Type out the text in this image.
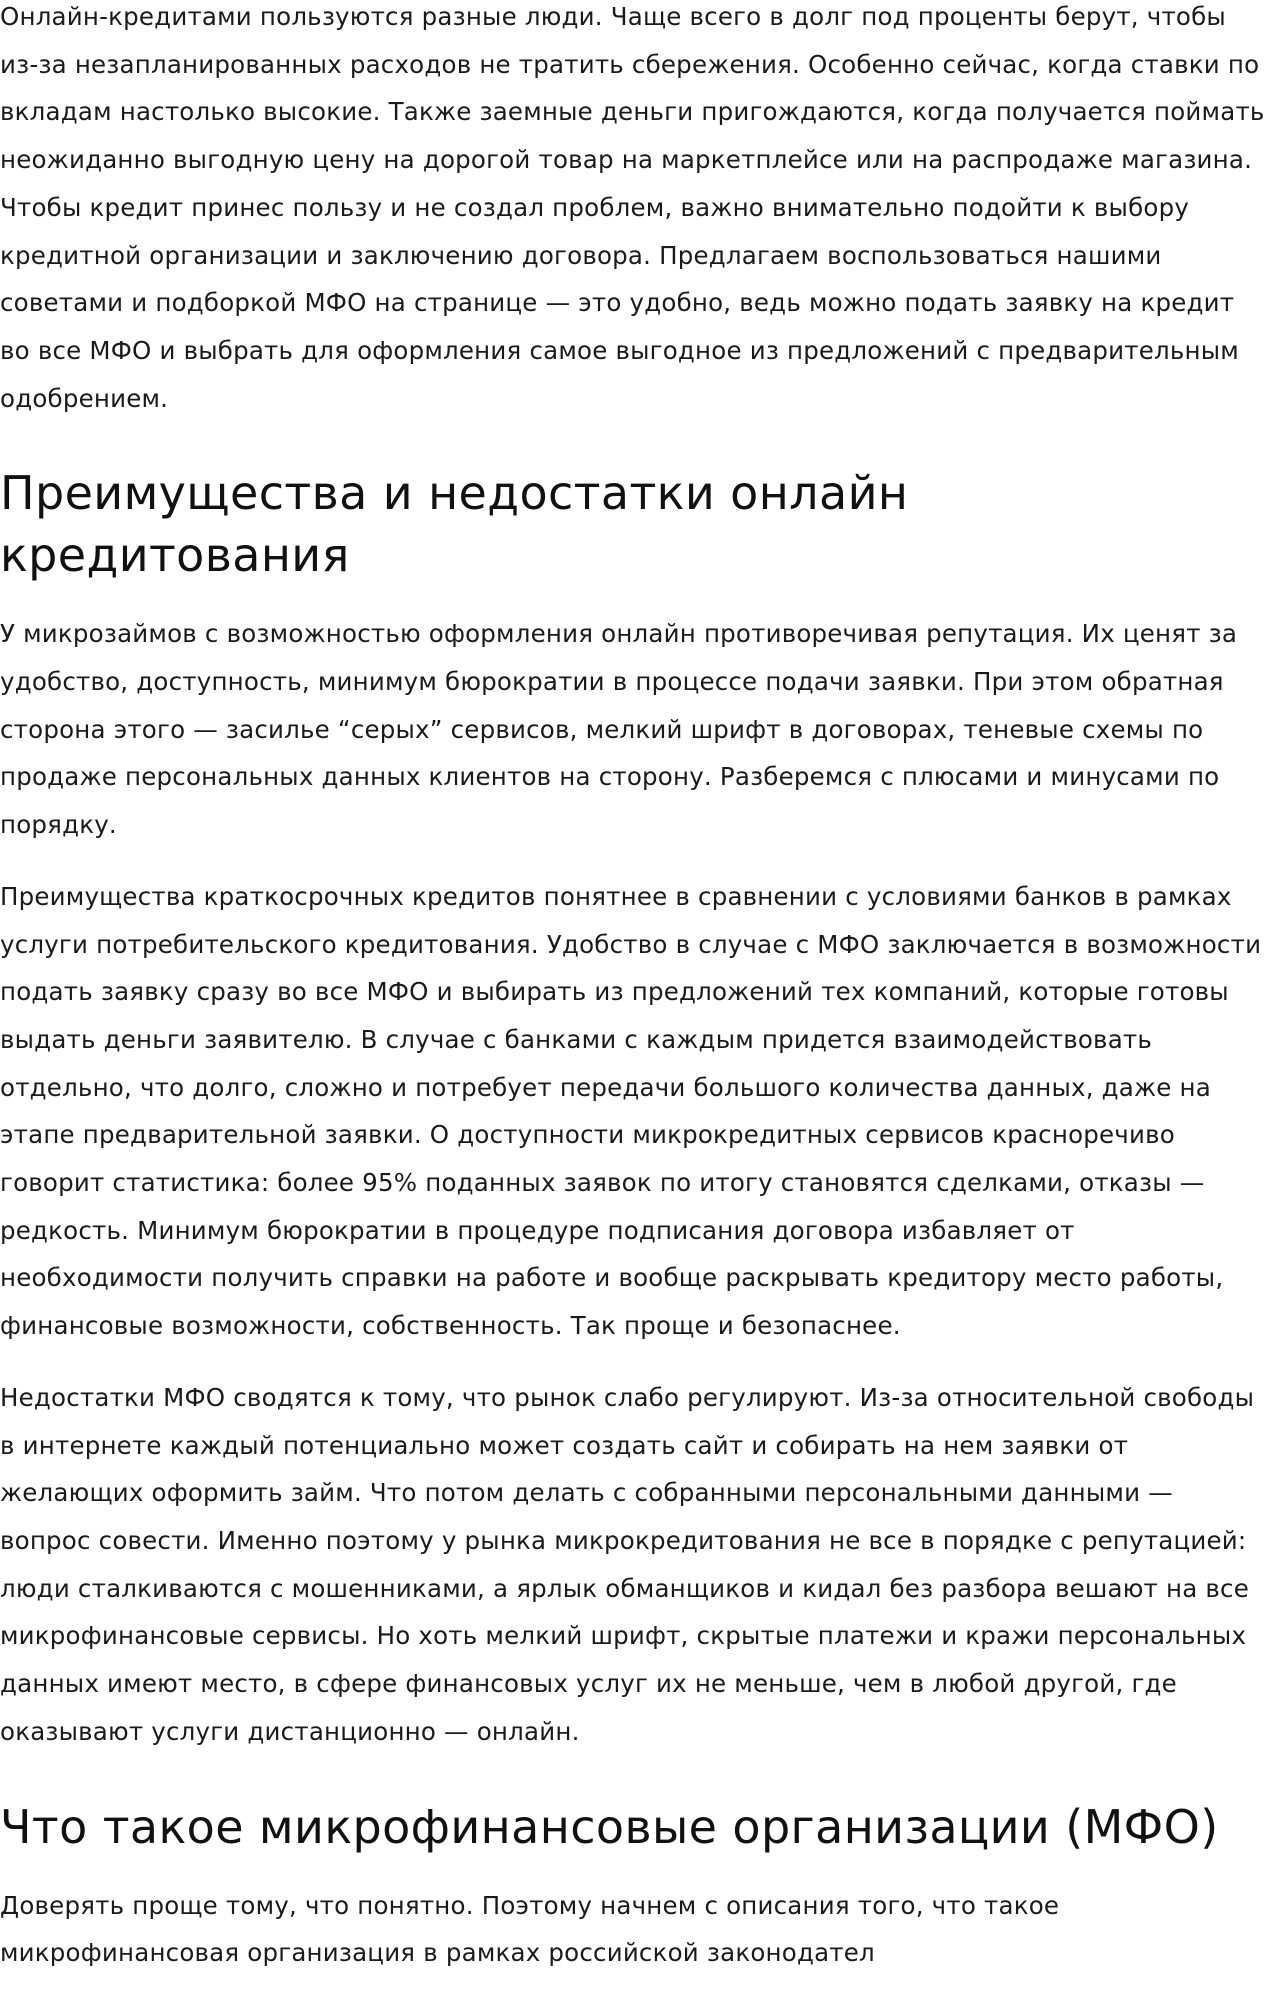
Онлайн-кредитами пользуются разные люди. Чаще всего в долг под проценты берут, чтобы из-за незапланированных расходов не тратить сбережения. Особенно сейчас, когда ставки по вкладам настолько высокие. Также заемные деньги пригождаются, когда получается поймать неожиданно выгодную цену на дорогой товар на маркетплейсе или на распродаже магазина. Чтобы кредит принес пользу и не создал проблем, важно внимательно подойти к выбору кредитной организации и заключению договора. Предлагаем воспользоваться нашими советами и подборкой МФО на странице — это удобно, ведь можно подать заявку на кредит во все МФО и выбрать для оформления самое выгодное из предложений с предварительным одобрением.

Преимущества и недостатки онлайн кредитования

У микрозаймов с возможностью оформления онлайн противоречивая репутация. Их ценят за удобство, доступность, минимум бюрократии в процессе подачи заявки. При этом обратная сторона этого — засилье “серых” сервисов, мелкий шрифт в договорах, теневые схемы по продаже персональных данных клиентов на сторону. Разберемся с плюсами и минусами по порядку.

Преимущества краткосрочных кредитов понятнее в сравнении с условиями банков в рамках услуги потребительского кредитования. Удобство в случае с МФО заключается в возможности подать заявку сразу во все МФО и выбирать из предложений тех компаний, которые готовы выдать деньги заявителю. В случае с банками с каждым придется взаимодействовать отдельно, что долго, сложно и потребует передачи большого количества данных, даже на этапе предварительной заявки. О доступности микрокредитных сервисов красноречиво говорит статистика: более 95% поданных заявок по итогу становятся сделками, отказы — редкость. Минимум бюрократии в процедуре подписания договора избавляет от необходимости получить справки на работе и вообще раскрывать кредитору место работы, финансовые возможности, собственность. Так проще и безопаснее.

Недостатки МФО сводятся к тому, что рынок слабо регулируют. Из-за относительной свободы в интернете каждый потенциально может создать сайт и собирать на нем заявки от желающих оформить займ. Что потом делать с собранными персональными данными — вопрос совести. Именно поэтому у рынка микрокредитования не все в порядке с репутацией: люди сталкиваются с мошенниками, а ярлык обманщиков и кидал без разбора вешают на все микрофинансовые сервисы. Но хоть мелкий шрифт, скрытые платежи и кражи персональных данных имеют место, в сфере финансовых услуг их не меньше, чем в любой другой, где оказывают услуги дистанционно — онлайн.

Что такое микрофинансовые организации (МФО)

Доверять проще тому, что понятно. Поэтому начнем с описания того, что такое микрофинансовая организация в рамках российской законодател
